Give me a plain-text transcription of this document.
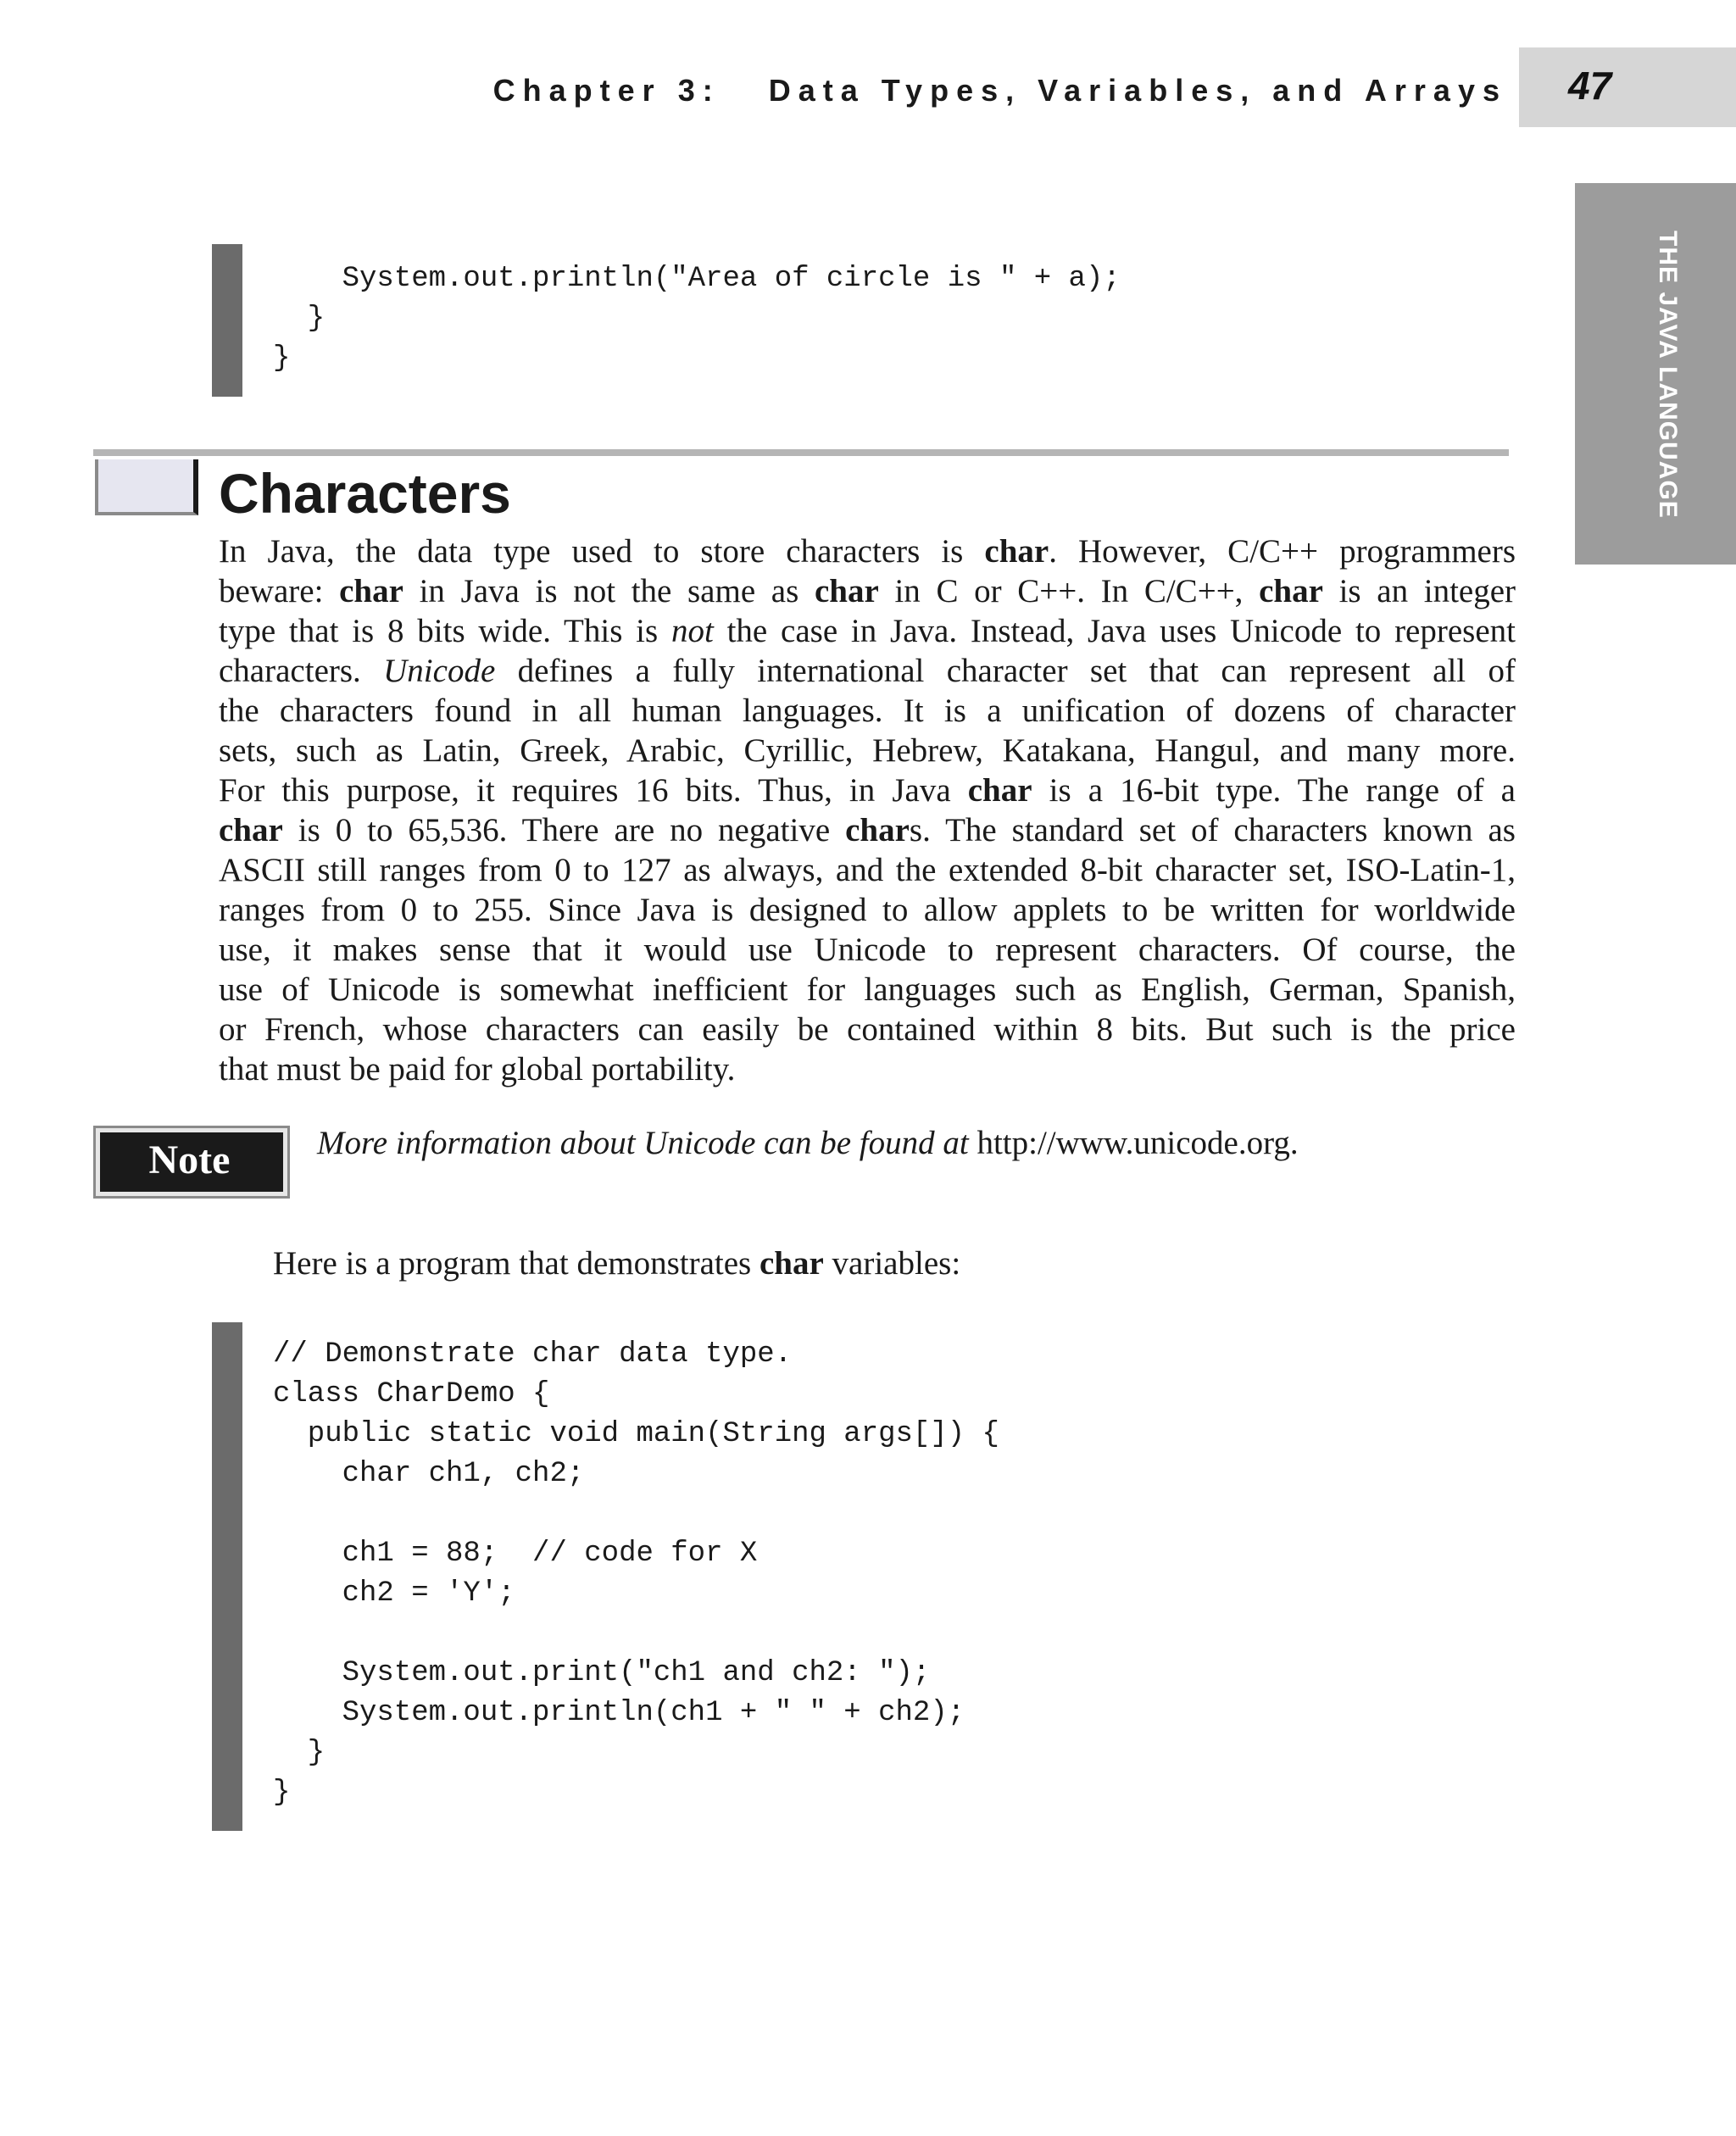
Chapter 3:   Data Types, Variables, and Arrays 47
THE JAVA LANGUAGE
System.out.println("Area of circle is " + a);
}
}
Characters
In Java, the data type used to store characters is char. However, C/C++ programmers
beware: char in Java is not the same as char in C or C++. In C/C++, char is an integer
type that is 8 bits wide. This is not the case in Java. Instead, Java uses Unicode to represent
characters. Unicode defines a fully international character set that can represent all of
the characters found in all human languages. It is a unification of dozens of character
sets, such as Latin, Greek, Arabic, Cyrillic, Hebrew, Katakana, Hangul, and many more.
For this purpose, it requires 16 bits. Thus, in Java char is a 16-bit type. The range of a
char is 0 to 65,536. There are no negative chars. The standard set of characters known as
ASCII still ranges from 0 to 127 as always, and the extended 8-bit character set, ISO-Latin-1,
ranges from 0 to 255. Since Java is designed to allow applets to be written for worldwide
use, it makes sense that it would use Unicode to represent characters. Of course, the
use of Unicode is somewhat inefficient for languages such as English, German, Spanish,
or French, whose characters can easily be contained within 8 bits. But such is the price
that must be paid for global portability.
Note	More information about Unicode can be found at http://www.unicode.org.
Here is a program that demonstrates char variables:
// Demonstrate char data type.
class CharDemo {
public static void main(String args[]) {
char ch1, ch2;

ch1 = 88;  // code for X
ch2 = 'Y';

System.out.print("ch1 and ch2: ");
System.out.println(ch1 + " " + ch2);
}
}
